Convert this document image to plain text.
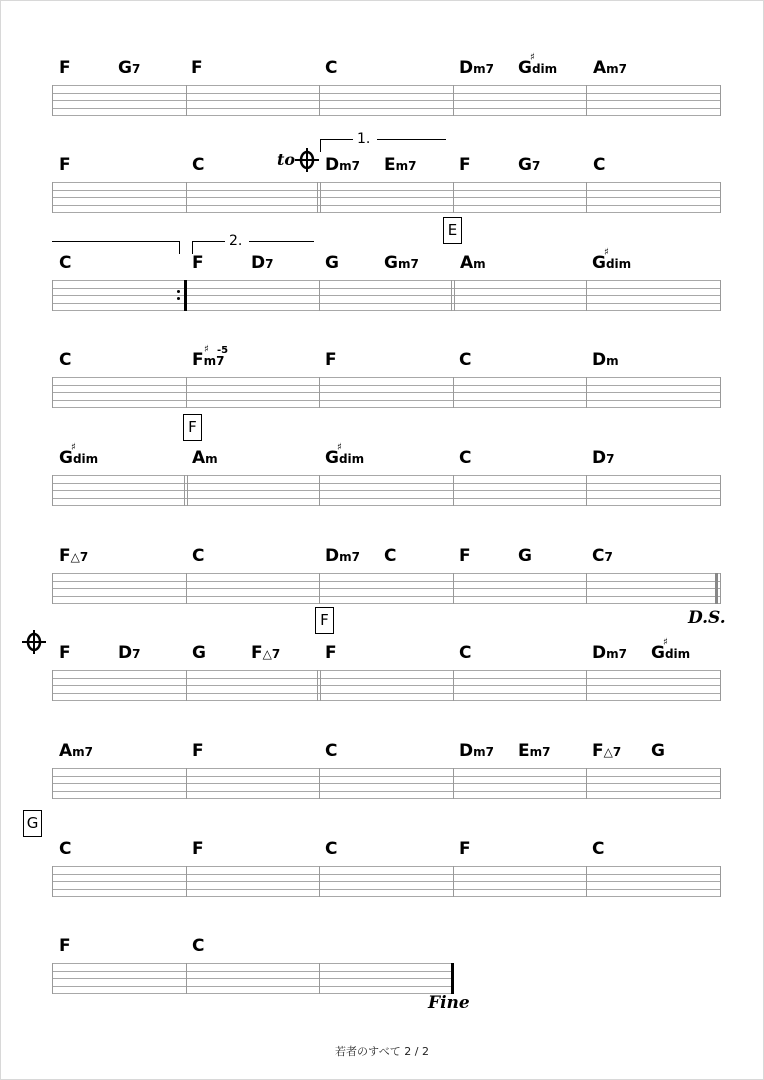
F	G7	F	C	Dm7 Gdim
♯
Am7
F	C	Dm7 Em7	F	G7	C
C	F	D7	G	Gm7 Am	Gdim
♯
C	Fm7
♯ -5	F	C	Dm
Gdim
♯
Am	Gdim
♯
C	D7
F△7	C	Dm7 C	F	G	C7
F	D7	G	F△7	F	C	Dm7 Gdim
♯
Am7	F	C	Dm7 Em7 F△7 G
C	F	C	F	C
F	C
to
1.
2.
E
F
F
G
D.S.
Fine
若者のすべて 2 / 2
